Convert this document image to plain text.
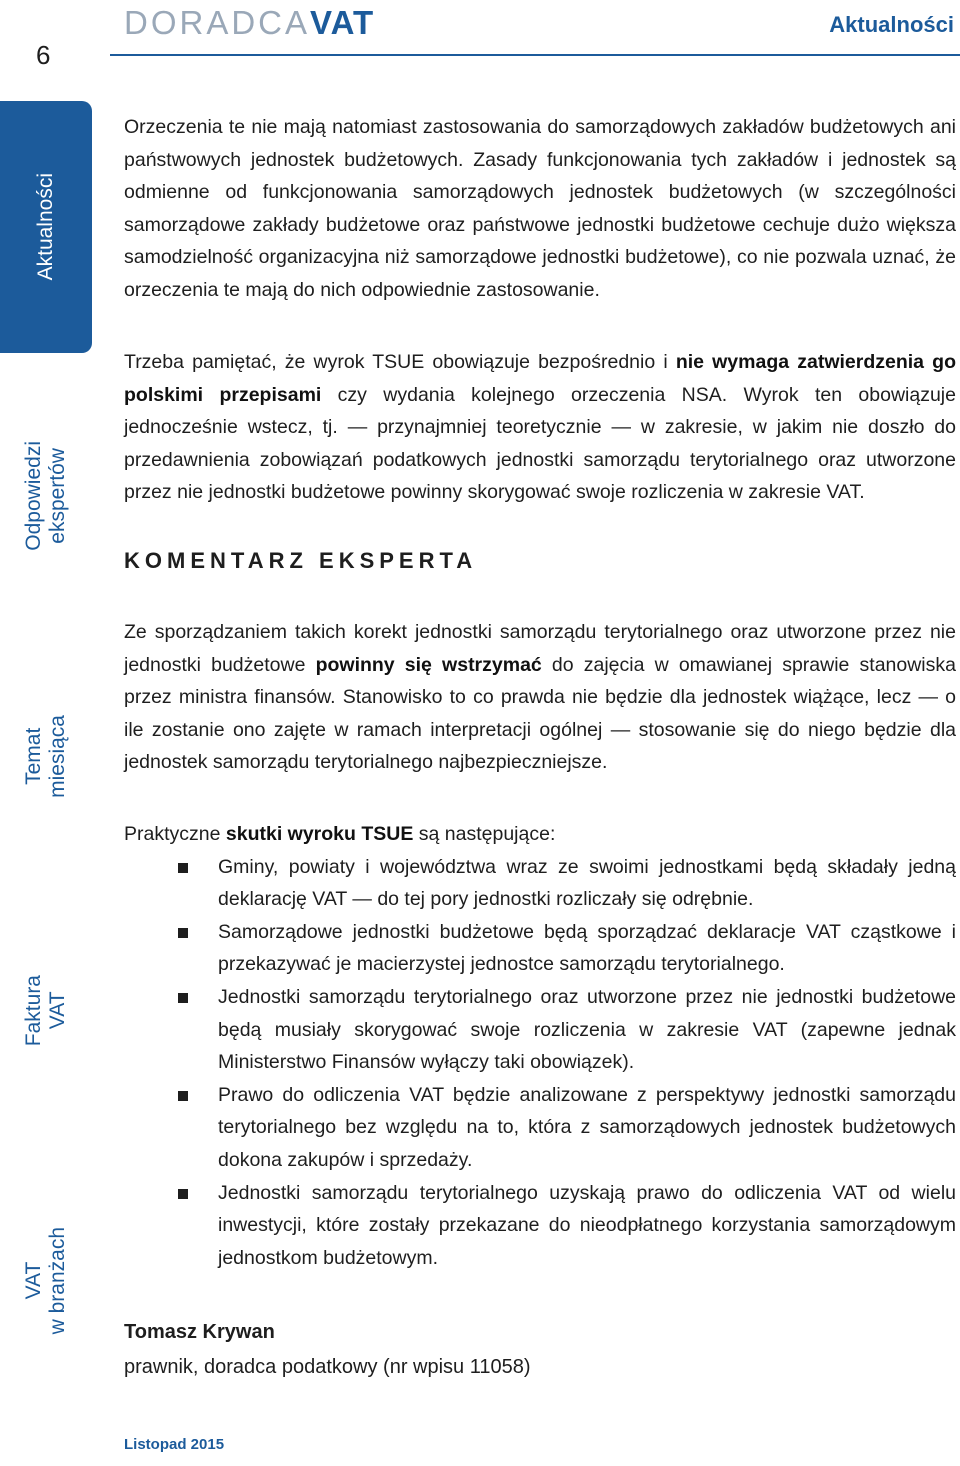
6
DORADCAVAT	Aktualności
Aktualności
Odpowiedzi
ekspertów
Temat
miesiąca
Faktura
VAT
VAT
w branżach

Orzeczenia te nie mają natomiast zastosowania do samorządowych zakładów budżetowych ani państwowych jednostek budżetowych. Zasady funkcjonowania tych zakładów i jednostek są odmienne od funkcjonowania samorządowych jednostek budżetowych (w szczególności samorządowe zakłady budżetowe oraz państwowe jednostki budżetowe cechuje dużo większa samodzielność organizacyjna niż samorządowe jednostki budżetowe), co nie pozwala uznać, że orzeczenia te mają do nich odpowiednie zastosowanie.

Trzeba pamiętać, że wyrok TSUE obowiązuje bezpośrednio i nie wymaga zatwierdzenia go polskimi przepisami czy wydania kolejnego orzeczenia NSA. Wyrok ten obowiązuje jednocześnie wstecz, tj. — przynajmniej teoretycznie — w zakresie, w jakim nie doszło do przedawnienia zobowiązań podatkowych jednostki samorządu terytorialnego oraz utworzone przez nie jednostki budżetowe powinny skorygować swoje rozliczenia w zakresie VAT.

KOMENTARZ EKSPERTA

Ze sporządzaniem takich korekt jednostki samorządu terytorialnego oraz utworzone przez nie jednostki budżetowe powinny się wstrzymać do zajęcia w omawianej sprawie stanowiska przez ministra finansów. Stanowisko to co prawda nie będzie dla jednostek wiążące, lecz — o ile zostanie ono zajęte w ramach interpretacji ogólnej — stosowanie się do niego będzie dla jednostek samorządu terytorialnego najbezpieczniejsze.

Praktyczne skutki wyroku TSUE są następujące:

Gminy, powiaty i województwa wraz ze swoimi jednostkami będą składały jedną deklarację VAT — do tej pory jednostki rozliczały się odrębnie.
Samorządowe jednostki budżetowe będą sporządzać deklaracje VAT cząstkowe i przekazywać je macierzystej jednostce samorządu terytorialnego.
Jednostki samorządu terytorialnego oraz utworzone przez nie jednostki budżetowe będą musiały skorygować swoje rozliczenia w zakresie VAT (zapewne jednak Ministerstwo Finansów wyłączy taki obowiązek).
Prawo do odliczenia VAT będzie analizowane z perspektywy jednostki samorządu terytorialnego bez względu na to, która z samorządowych jednostek budżetowych dokona zakupów i sprzedaży.
Jednostki samorządu terytorialnego uzyskają prawo do odliczenia VAT od wielu inwestycji, które zostały przekazane do nieodpłatnego korzystania samorządowym jednostkom budżetowym.
Tomasz Krywan
prawnik, doradca podatkowy (nr wpisu 11058)
Listopad 2015
